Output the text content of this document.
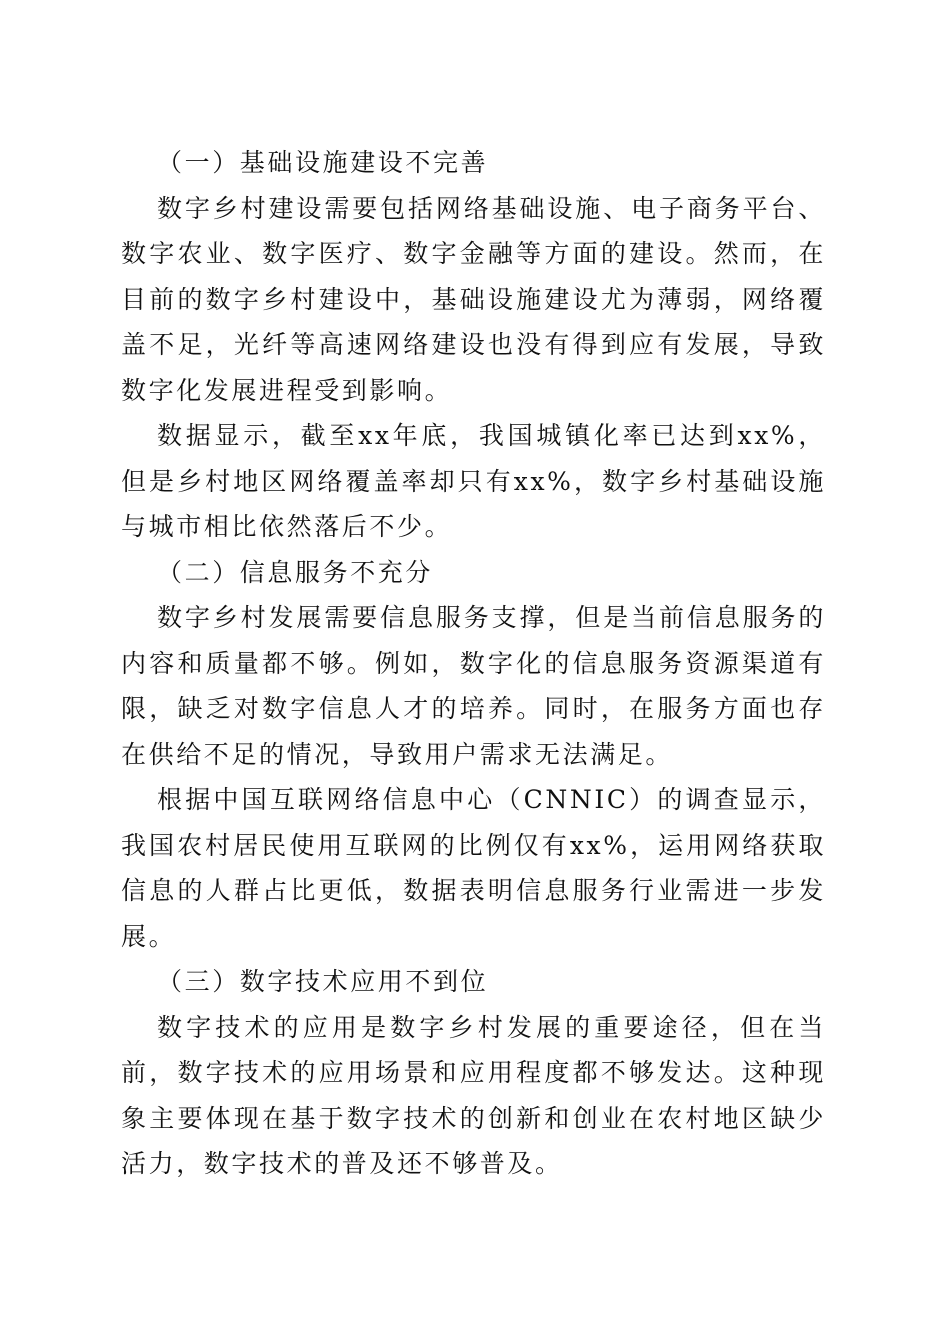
（一）基础设施建设不完善

数字乡村建设需要包括网络基础设施、电子商务平台、数字农业、数字医疗、数字金融等方面的建设。然而，在目前的数字乡村建设中，基础设施建设尤为薄弱，网络覆盖不足，光纤等高速网络建设也没有得到应有发展，导致数字化发展进程受到影响。

数据显示，截至xx年底，我国城镇化率已达到xx%，但是乡村地区网络覆盖率却只有xx%，数字乡村基础设施与城市相比依然落后不少。

（二）信息服务不充分

数字乡村发展需要信息服务支撑，但是当前信息服务的内容和质量都不够。例如，数字化的信息服务资源渠道有限，缺乏对数字信息人才的培养。同时，在服务方面也存在供给不足的情况，导致用户需求无法满足。

根据中国互联网络信息中心（CNNIC）的调查显示，我国农村居民使用互联网的比例仅有xx%，运用网络获取信息的人群占比更低，数据表明信息服务行业需进一步发展。

（三）数字技术应用不到位

数字技术的应用是数字乡村发展的重要途径，但在当前，数字技术的应用场景和应用程度都不够发达。这种现象主要体现在基于数字技术的创新和创业在农村地区缺少活力，数字技术的普及还不够普及。
